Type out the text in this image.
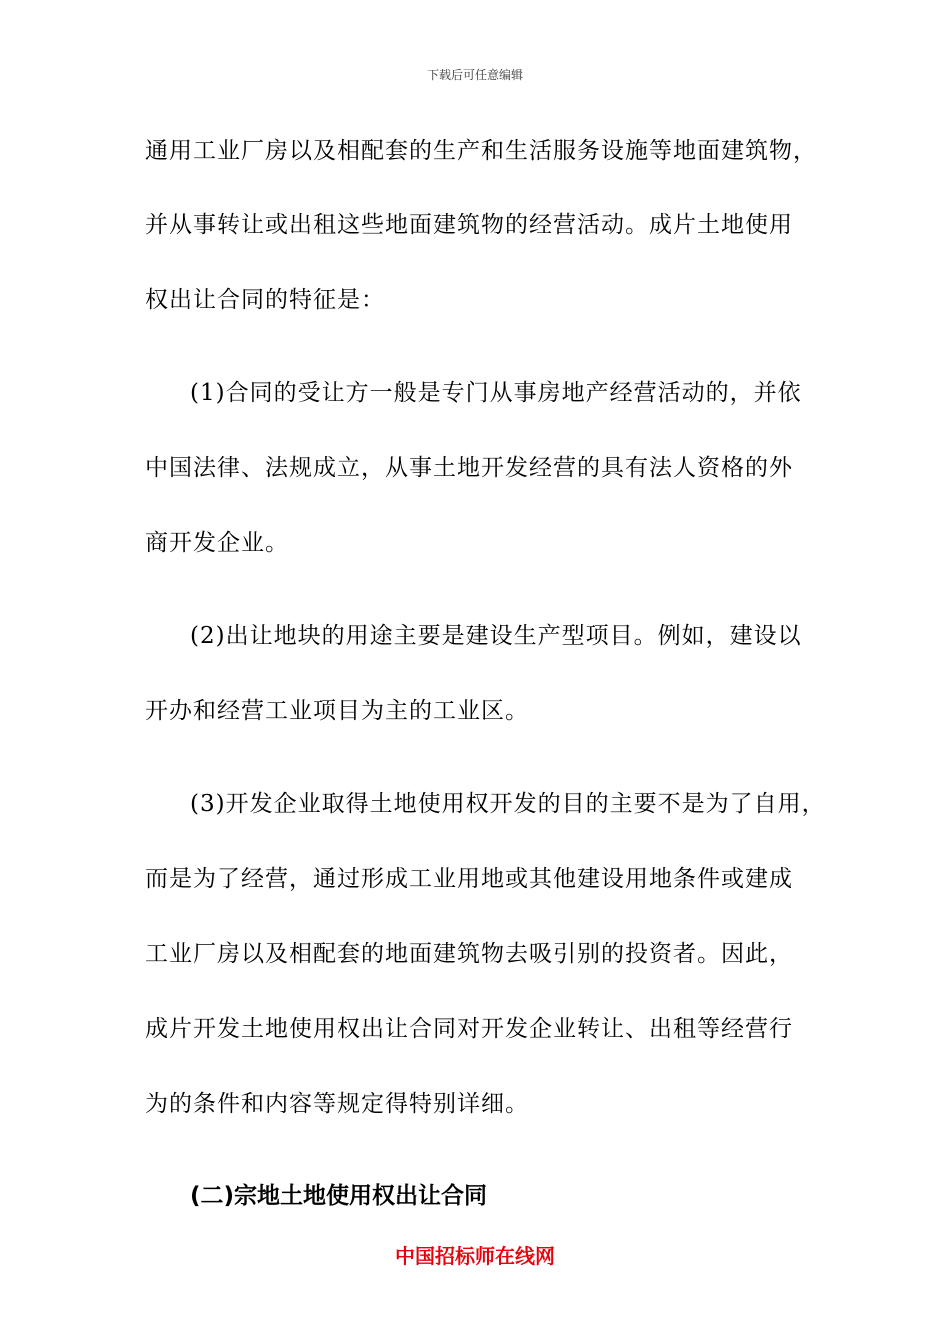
下载后可任意编辑
通用工业厂房以及相配套的生产和生活服务设施等地面建筑物，
并从事转让或出租这些地面建筑物的经营活动。成片土地使用
权出让合同的特征是：
(1)合同的受让方一般是专门从事房地产经营活动的，并依
中国法律、法规成立，从事土地开发经营的具有法人资格的外
商开发企业。
(2)出让地块的用途主要是建设生产型项目。例如，建设以
开办和经营工业项目为主的工业区。
(3)开发企业取得土地使用权开发的目的主要不是为了自用，
而是为了经营，通过形成工业用地或其他建设用地条件或建成
工业厂房以及相配套的地面建筑物去吸引别的投资者。因此，
成片开发土地使用权出让合同对开发企业转让、出租等经营行
为的条件和内容等规定得特别详细。
(二)宗地土地使用权出让合同
中国招标师在线网
